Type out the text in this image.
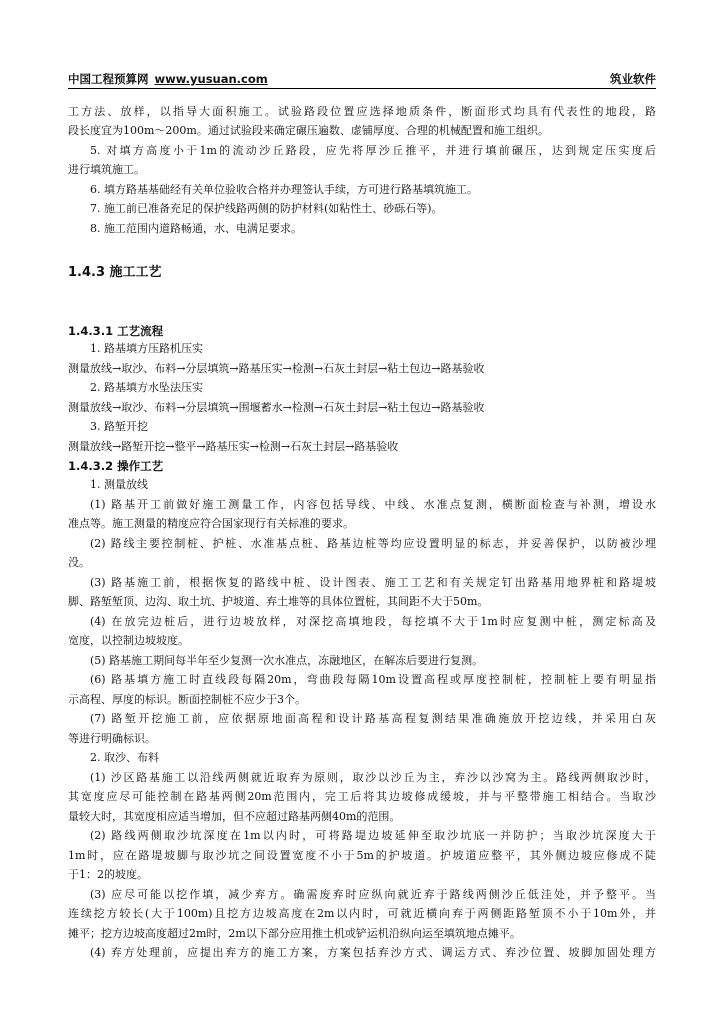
中国工程预算网 www.yusuan.com	筑业软件
工方法、放样，以指导大面积施工。试验路段位置应选择地质条件，断面形式均具有代表性的地段，路
段长度宜为100m～200m。通过试验段来确定碾压遍数、虚铺厚度、合理的机械配置和施工组织。
5. 对填方高度小于1m的流动沙丘路段，应先将厚沙丘推平，并进行填前碾压，达到规定压实度后
进行填筑施工。
6. 填方路基基础经有关单位验收合格并办理签认手续，方可进行路基填筑施工。
7. 施工前已准备充足的保护线路两侧的防护材料(如粘性土、砂砾石等)。
8. 施工范围内道路畅通，水、电满足要求。
1.4.3 施工工艺
1.4.3.1 工艺流程
1. 路基填方压路机压实
测量放线→取沙、布料→分层填筑→路基压实→检测→石灰土封层→粘土包边→路基验收
2. 路基填方水坠法压实
测量放线→取沙、布料→分层填筑→围堰蓄水→检测→石灰土封层→粘土包边→路基验收
3. 路堑开挖
测量放线→路堑开挖→整平→路基压实→检测→石灰土封层→路基验收
1.4.3.2 操作工艺
1. 测量放线
(1) 路基开工前做好施工测量工作，内容包括导线、中线、水准点复测，横断面检查与补测，增设水
准点等。施工测量的精度应符合国家现行有关标准的要求。
(2) 路线主要控制桩、护桩、水准基点桩、路基边桩等均应设置明显的标志，并妥善保护，以防被沙埋
没。
(3) 路基施工前，根据恢复的路线中桩、设计图表、施工工艺和有关规定钉出路基用地界桩和路堤坡
脚、路堑堑顶、边沟、取土坑、护坡道、弃土堆等的具体位置桩，其间距不大于50m。
(4) 在放完边桩后，进行边坡放样，对深挖高填地段，每挖填不大于1m时应复测中桩，测定标高及
宽度，以控制边坡坡度。
(5) 路基施工期间每半年至少复测一次水准点，冻融地区，在解冻后要进行复测。
(6) 路基填方施工时直线段每隔20m，弯曲段每隔10m设置高程或厚度控制桩，控制桩上要有明显指
示高程、厚度的标识。断面控制桩不应少于3个。
(7) 路堑开挖施工前，应依据原地面高程和设计路基高程复测结果准确施放开挖边线，并采用白灰
等进行明确标识。
2. 取沙、布料
(1) 沙区路基施工以沿线两侧就近取弃为原则，取沙以沙丘为主，弃沙以沙窝为主。路线两侧取沙时，
其宽度应尽可能控制在路基两侧20m范围内，完工后将其边坡修成缓坡，并与平整带施工相结合。当取沙
量较大时，其宽度相应适当增加，但不应超过路基两侧40m的范围。
(2) 路线两侧取沙坑深度在1m以内时，可将路堤边坡延伸至取沙坑底一并防护；当取沙坑深度大于
1m时，应在路堤坡脚与取沙坑之间设置宽度不小于5m的护坡道。护坡道应整平，其外侧边坡应修成不陡
于1：2的坡度。
(3) 应尽可能以挖作填，减少弃方。确需废弃时应纵向就近弃于路线两侧沙丘低洼处，并予整平。当
连续挖方较长(大于100m)且挖方边坡高度在2m以内时，可就近横向弃于两侧距路堑顶不小于10m外，并
摊平；挖方边坡高度超过2m时，2m以下部分应用推土机或铲运机沿纵向运至填筑地点摊平。
(4) 弃方处理前，应提出弃方的施工方案，方案包括弃沙方式、调运方式、弃沙位置、坡脚加固处理方
